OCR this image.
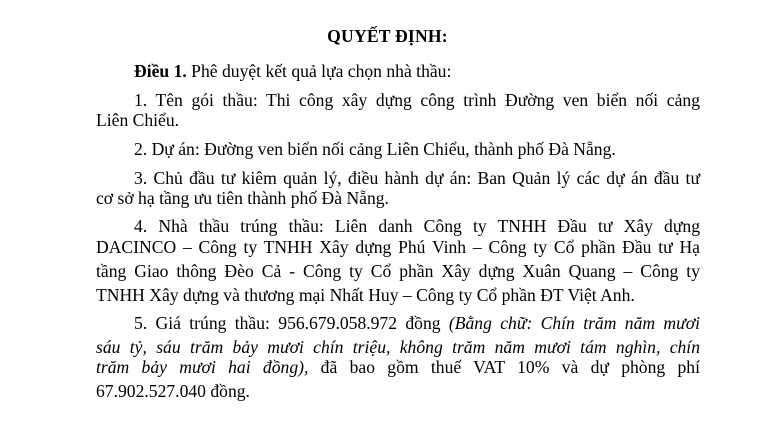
QUYẾT ĐỊNH:
Điều 1. Phê duyệt kết quả lựa chọn nhà thầu:
1. Tên gói thầu: Thi công xây dựng công trình Đường ven biển nối cảng
Liên Chiểu.
2. Dự án: Đường ven biển nối cảng Liên Chiểu, thành phố Đà Nẵng.
3. Chủ đầu tư kiêm quản lý, điều hành dự án: Ban Quản lý các dự án đầu tư
cơ sở hạ tầng ưu tiên thành phố Đà Nẵng.
4. Nhà thầu trúng thầu: Liên danh Công ty TNHH Đầu tư Xây dựng
DACINCO – Công ty TNHH Xây dựng Phú Vinh – Công ty Cổ phần Đầu tư Hạ
tầng Giao thông Đèo Cả - Công ty Cổ phần Xây dựng Xuân Quang – Công ty
TNHH Xây dựng và thương mại Nhất Huy – Công ty Cổ phần ĐT Việt Anh.
5. Giá trúng thầu: 956.679.058.972 đồng (Bằng chữ: Chín trăm năm mươi
sáu tỷ, sáu trăm bảy mươi chín triệu, không trăm năm mươi tám nghìn, chín
trăm bảy mươi hai đồng), đã bao gồm thuế VAT 10% và dự phòng phí
67.902.527.040 đồng.
